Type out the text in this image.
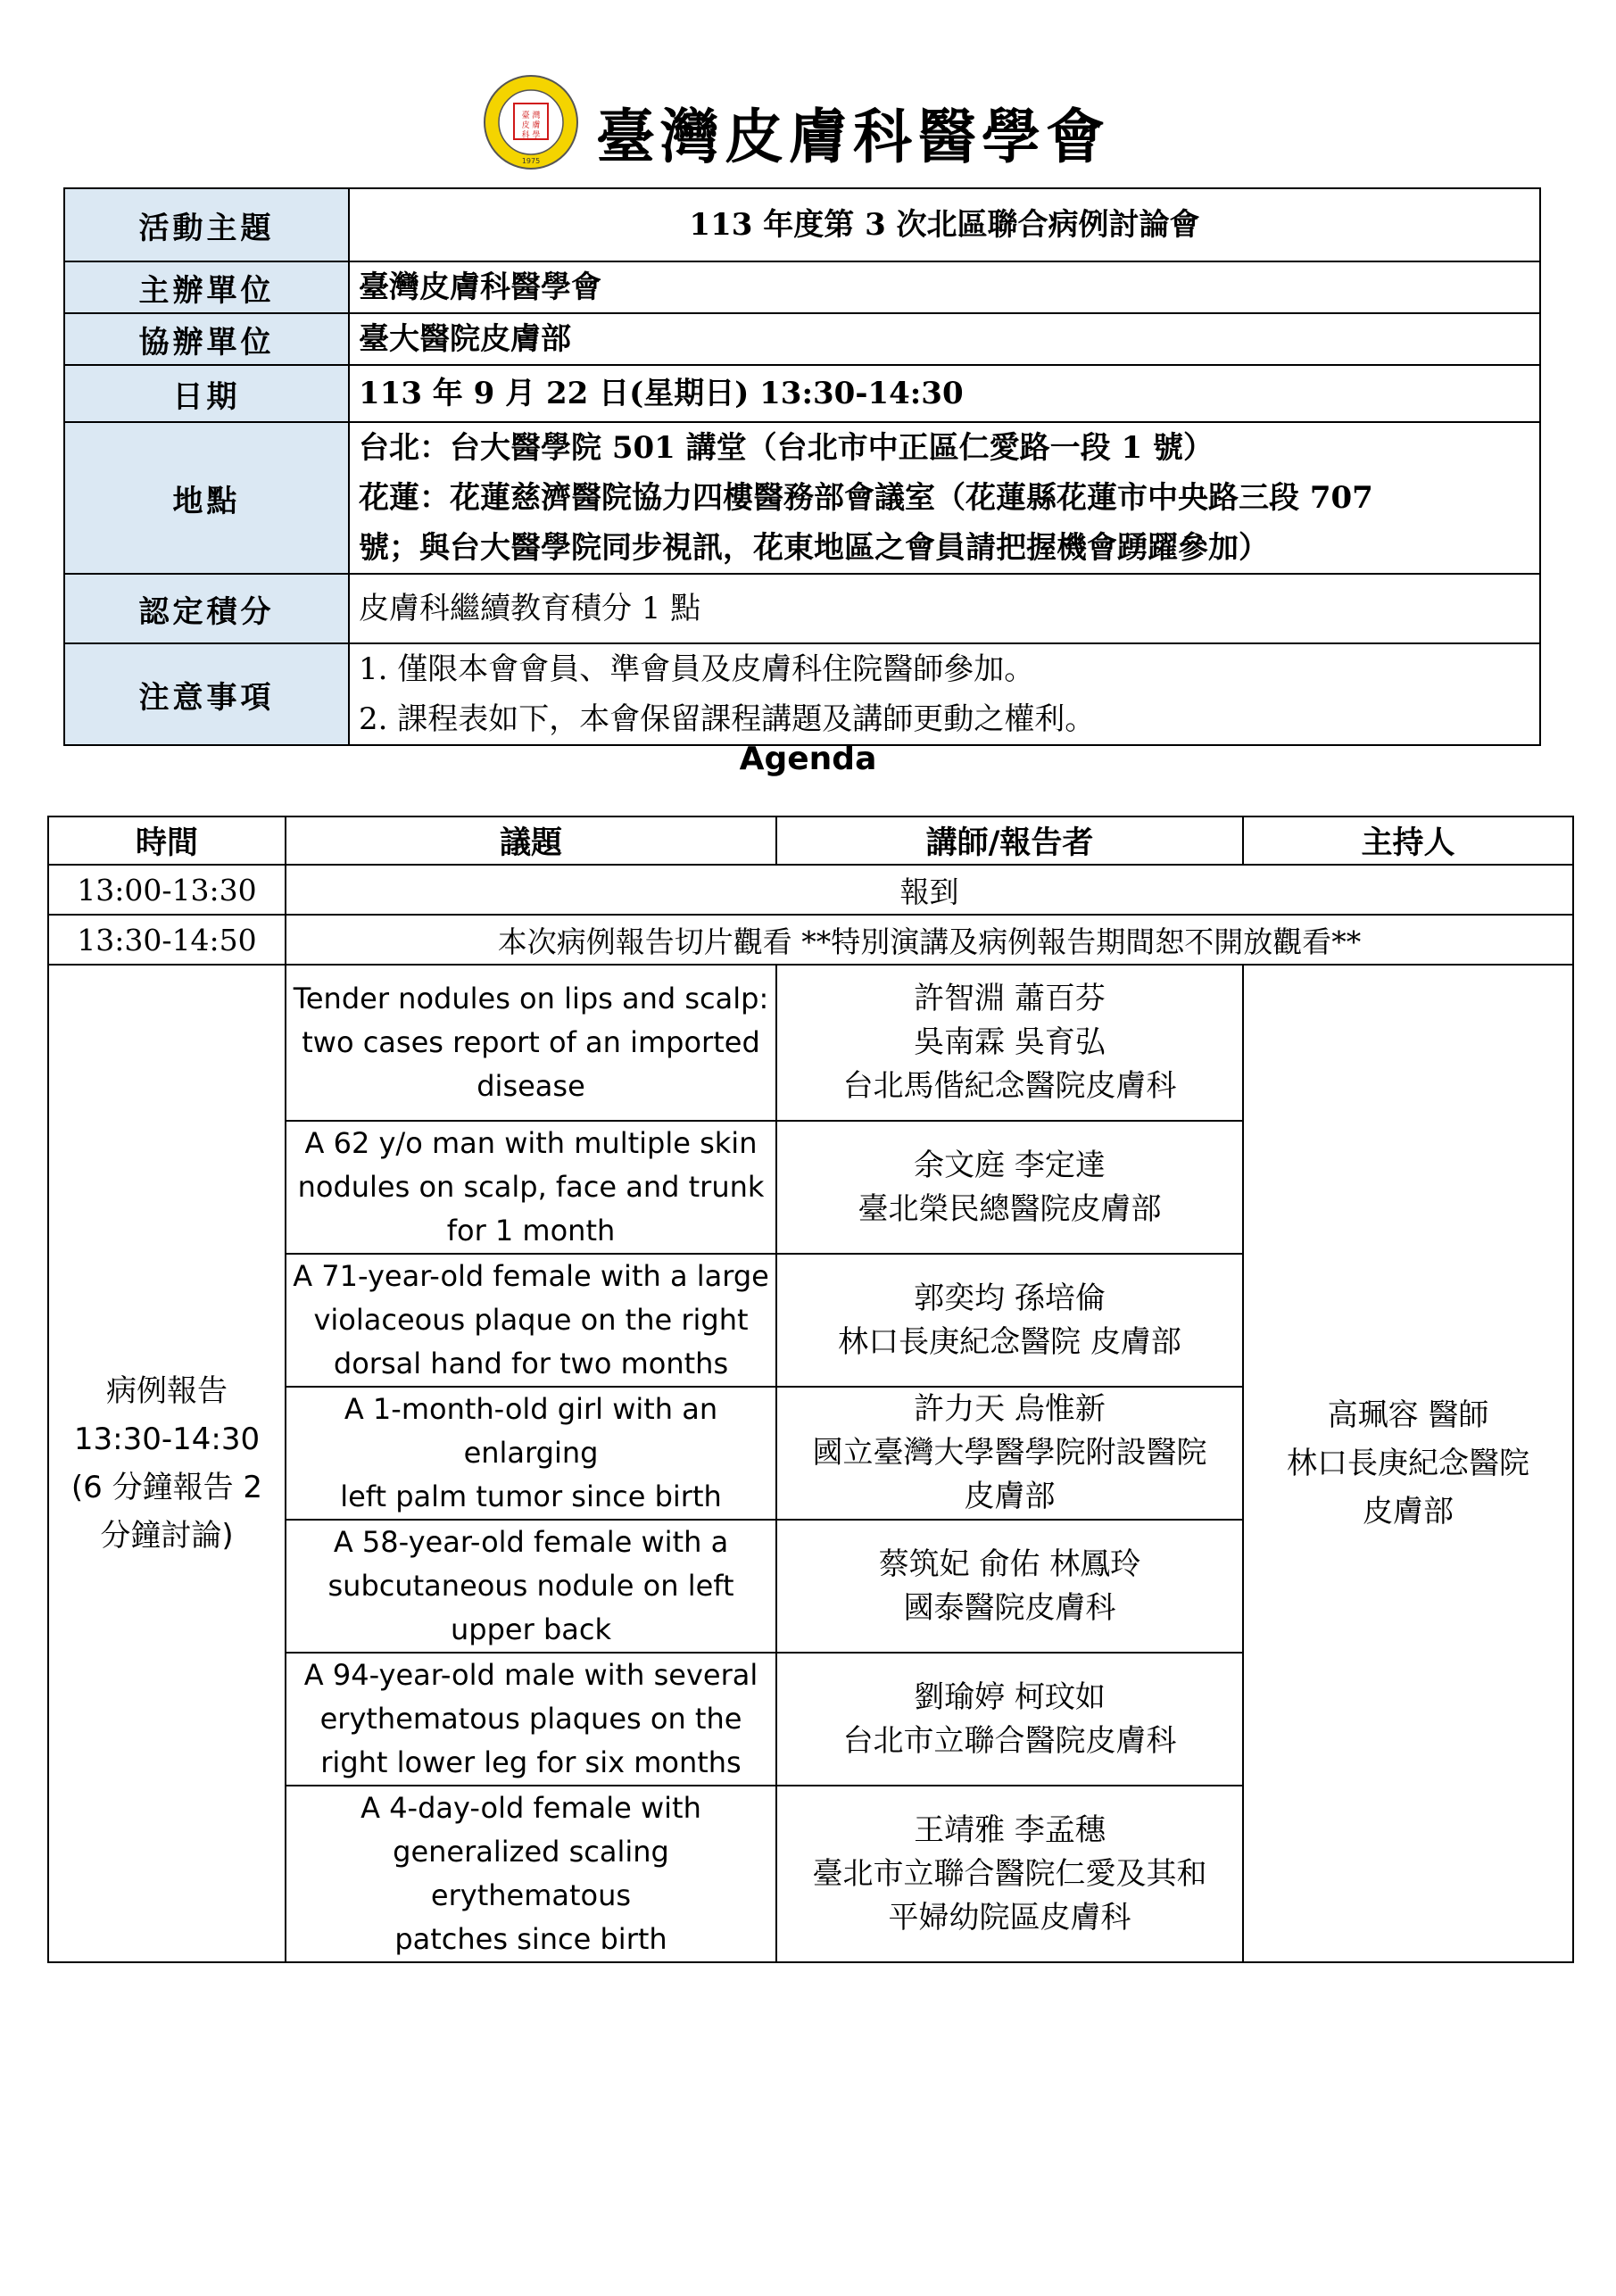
臺 灣
皮 膚
科 學
1975 臺灣皮膚科醫學會
活動主題	113 年度第 3 次北區聯合病例討論會
主辦單位	臺灣皮膚科醫學會
協辦單位	臺大醫院皮膚部
日期	113 年 9 月 22 日(星期日) 13:30-14:30
地點	台北：台大醫學院 501 講堂（台北市中正區仁愛路一段 1 號）
花蓮：花蓮慈濟醫院協力四樓醫務部會議室（花蓮縣花蓮市中央路三段 707
號；與台大醫學院同步視訊，花東地區之會員請把握機會踴躍參加）

認定積分	皮膚科繼續教育積分 1 點
注意事項	1. 僅限本會會員、準會員及皮膚科住院醫師參加。
2. 課程表如下，本會保留課程講題及講師更動之權利。
Agenda
時間	議題	講師/報告者	主持人
13:00-13:30	報到		
13:30-14:50	本次病例報告切片觀看 **特別演講及病例報告期間恕不開放觀看**		

病例報告
13:30-14:30
(6 分鐘報告 2
分鐘討論)	Tender nodules on lips and scalp:
two cases report of an imported
disease	許智淵 蕭百芬
吳南霖 吳育弘
台北馬偕紀念醫院皮膚科	高珮容 醫師
林口長庚紀念醫院
皮膚部

	A 62 y/o man with multiple skin
nodules on scalp, face and trunk
for 1 month	余文庭 李定達
臺北榮民總醫院皮膚部	

	A 71-year-old female with a large
violaceous plaque on the right
dorsal hand for two months	郭奕均 孫培倫
林口長庚紀念醫院 皮膚部	

	A 1-month-old girl with an
enlarging
left palm tumor since birth	許力天 烏惟新
國立臺灣大學醫學院附設醫院
皮膚部	

	A 58-year-old female with a
subcutaneous nodule on left
upper back	蔡筑妃 俞佑 林鳳玲
國泰醫院皮膚科	

	A 94-year-old male with several
erythematous plaques on the
right lower leg for six months	劉瑜婷 柯玟如
台北市立聯合醫院皮膚科	

	A 4-day-old female with
generalized scaling erythematous
patches since birth	王靖雅 李孟穗
臺北市立聯合醫院仁愛及其和
平婦幼院區皮膚科	
